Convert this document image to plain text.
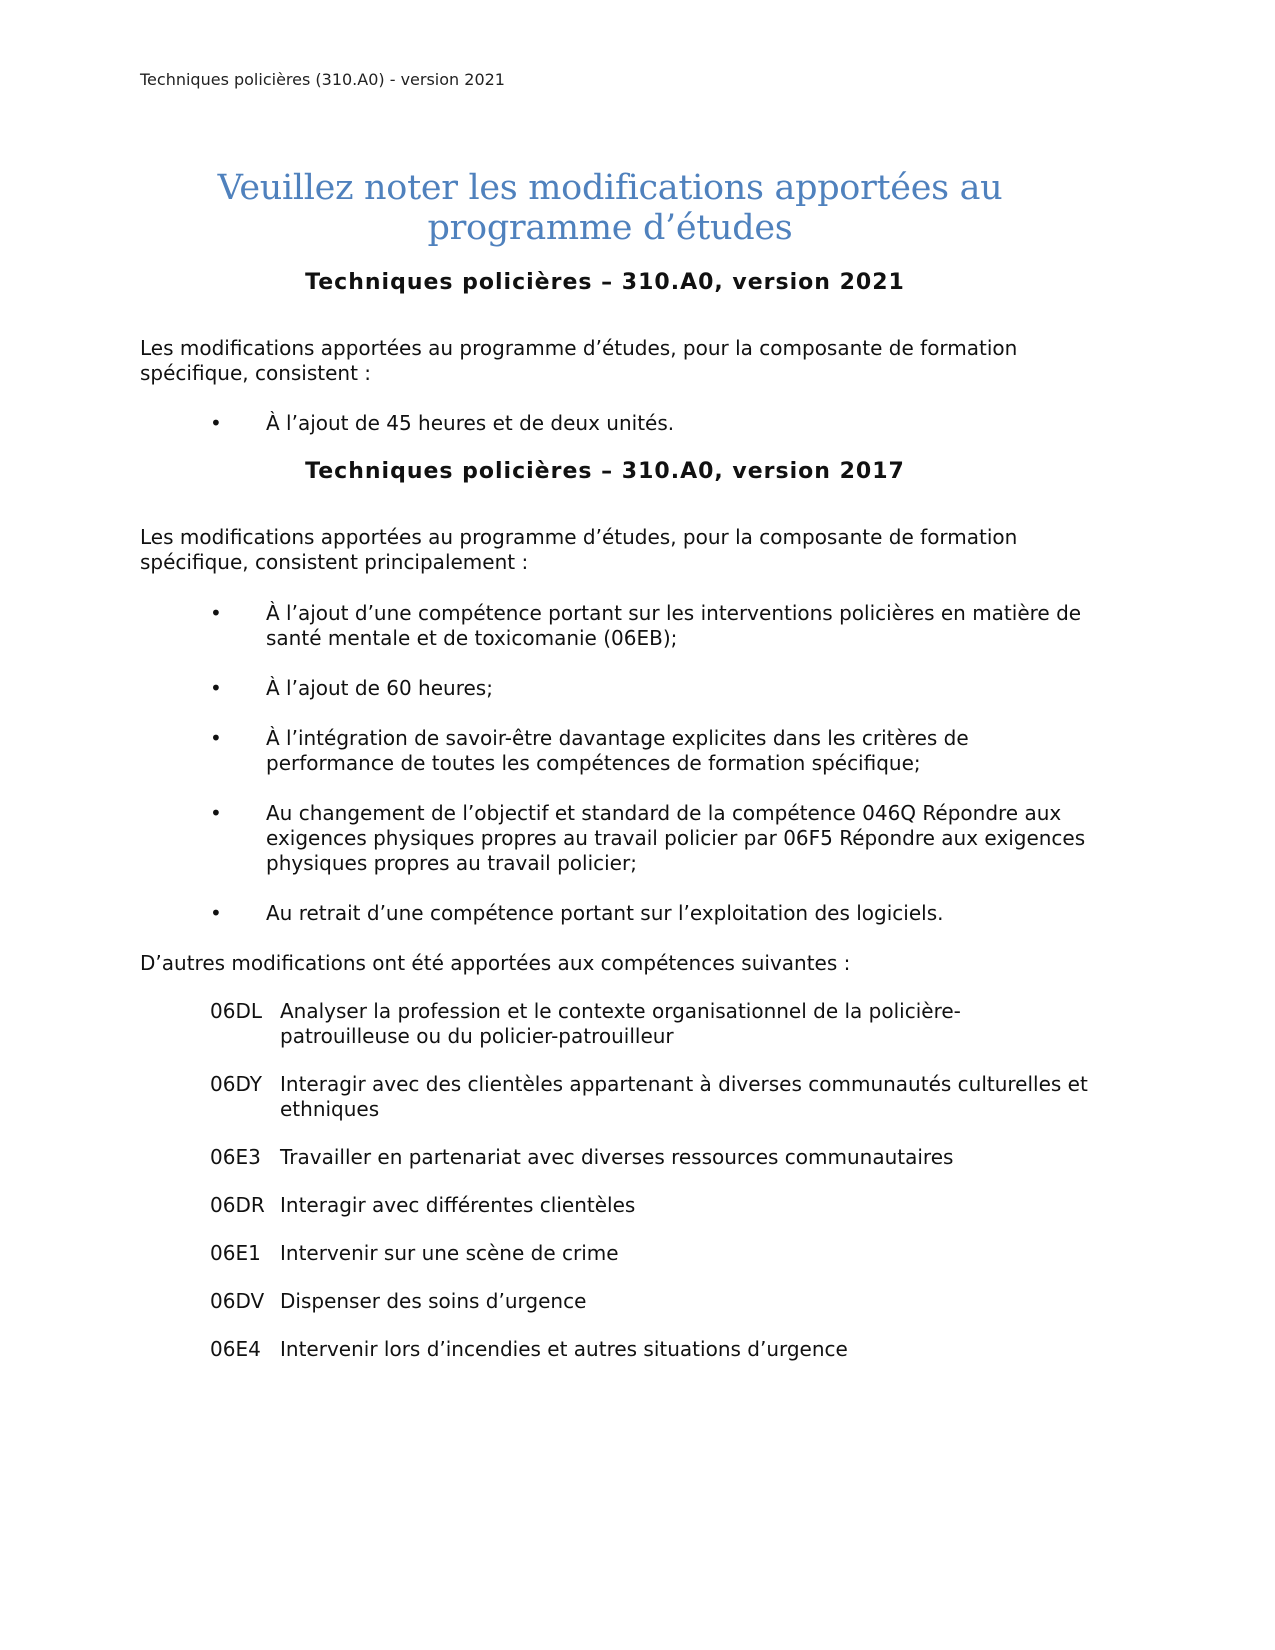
Techniques policières (310.A0) - version 2021
Veuillez noter les modifications apportées au programme d’études
Techniques policières – 310.A0, version 2021

Les modifications apportées au programme d’études, pour la composante de formation spécifique, consistent :

• À l’ajout de 45 heures et de deux unités.
Techniques policières – 310.A0, version 2017

Les modifications apportées au programme d’études, pour la composante de formation spécifique, consistent principalement :

• À l’ajout d’une compétence portant sur les interventions policières en matière de santé mentale et de toxicomanie (06EB);
• À l’ajout de 60 heures;
• À l’intégration de savoir-être davantage explicites dans les critères de performance de toutes les compétences de formation spécifique;
• Au changement de l’objectif et standard de la compétence 046Q Répondre aux exigences physiques propres au travail policier par 06F5 Répondre aux exigences physiques propres au travail policier;
• Au retrait d’une compétence portant sur l’exploitation des logiciels.

D’autres modifications ont été apportées aux compétences suivantes :

06DL Analyser la profession et le contexte organisationnel de la policière-patrouilleuse ou du policier-patrouilleur
06DY Interagir avec des clientèles appartenant à diverses communautés culturelles et ethniques
06E3 Travailler en partenariat avec diverses ressources communautaires
06DR Interagir avec différentes clientèles
06E1 Intervenir sur une scène de crime
06DV Dispenser des soins d’urgence
06E4 Intervenir lors d’incendies et autres situations d’urgence
